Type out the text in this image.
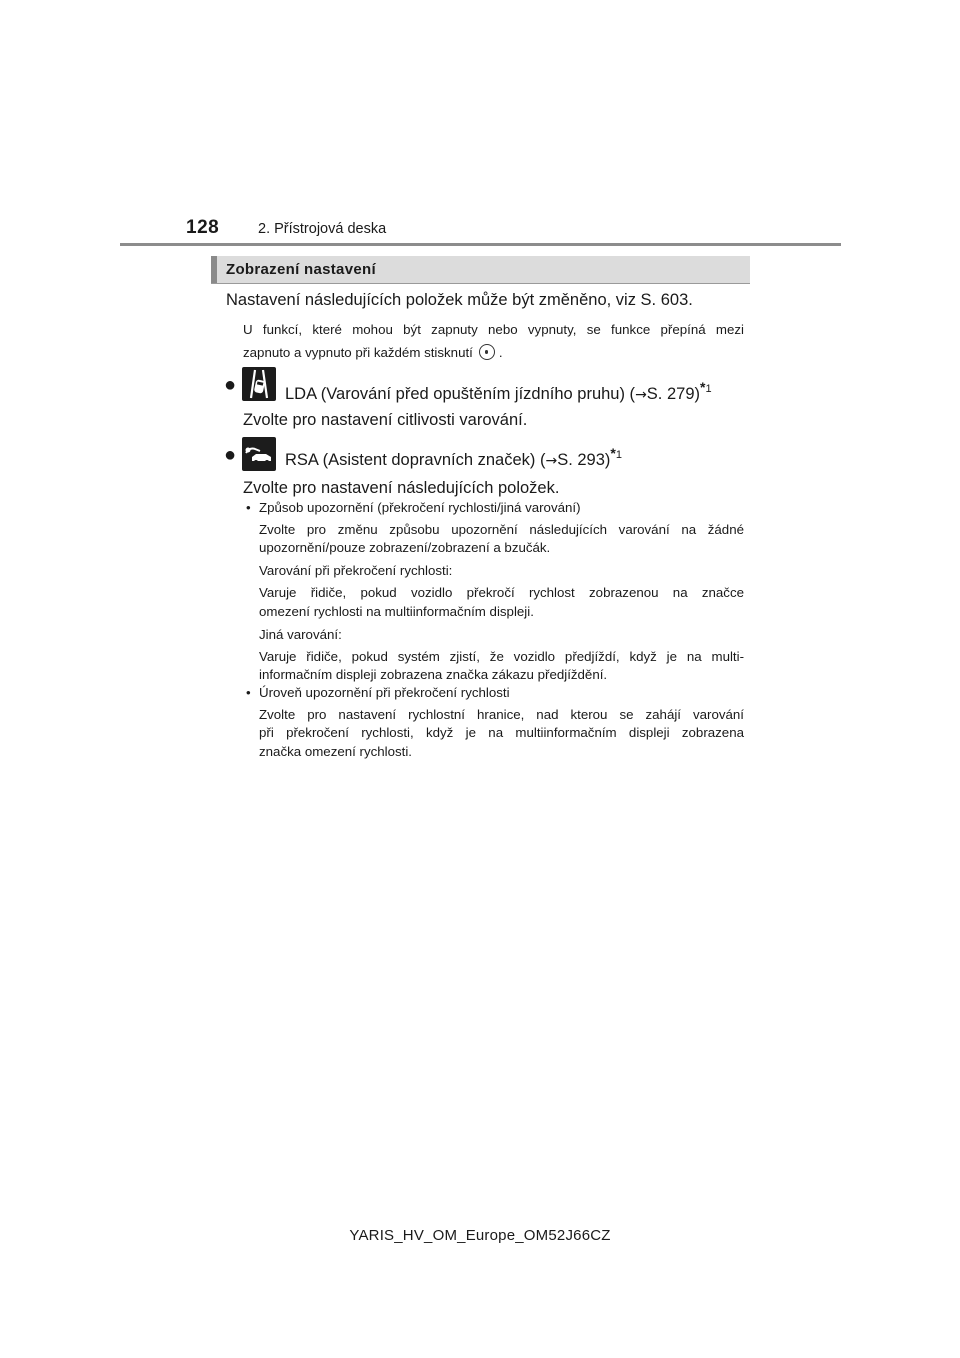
128	2. Přístrojová deska
Zobrazení nastavení
Nastavení následujících položek může být změněno, viz S. 603.
U funkcí, které mohou být zapnuty nebo vypnuty, se funkce přepíná mezi
zapnuto a vypnuto při každém stisknutí .
●	LDA (Varování před opuštěním jízdního pruhu) (→S. 279)$^{*1}$
Zvolte pro nastavení citlivosti varování.
●	RSA (Asistent dopravních značek) (→S. 293)$^{*1}$
Zvolte pro nastavení následujících položek.
• Způsob upozornění (překročení rychlosti/jiná varování)
Zvolte pro změnu způsobu upozornění následujících varování na žádné
upozornění/pouze zobrazení/zobrazení a bzučák.
Varování při překročení rychlosti:
Varuje řidiče, pokud vozidlo překročí rychlost zobrazenou na značce
omezení rychlosti na multiinformačním displeji.
Jiná varování:
Varuje řidiče, pokud systém zjistí, že vozidlo předjíždí, když je na multi-
informačním displeji zobrazena značka zákazu předjíždění.
• Úroveň upozornění při překročení rychlosti
Zvolte pro nastavení rychlostní hranice, nad kterou se zahájí varování
při překročení rychlosti, když je na multiinformačním displeji zobrazena
značka omezení rychlosti.
YARIS_HV_OM_Europe_OM52J66CZ
